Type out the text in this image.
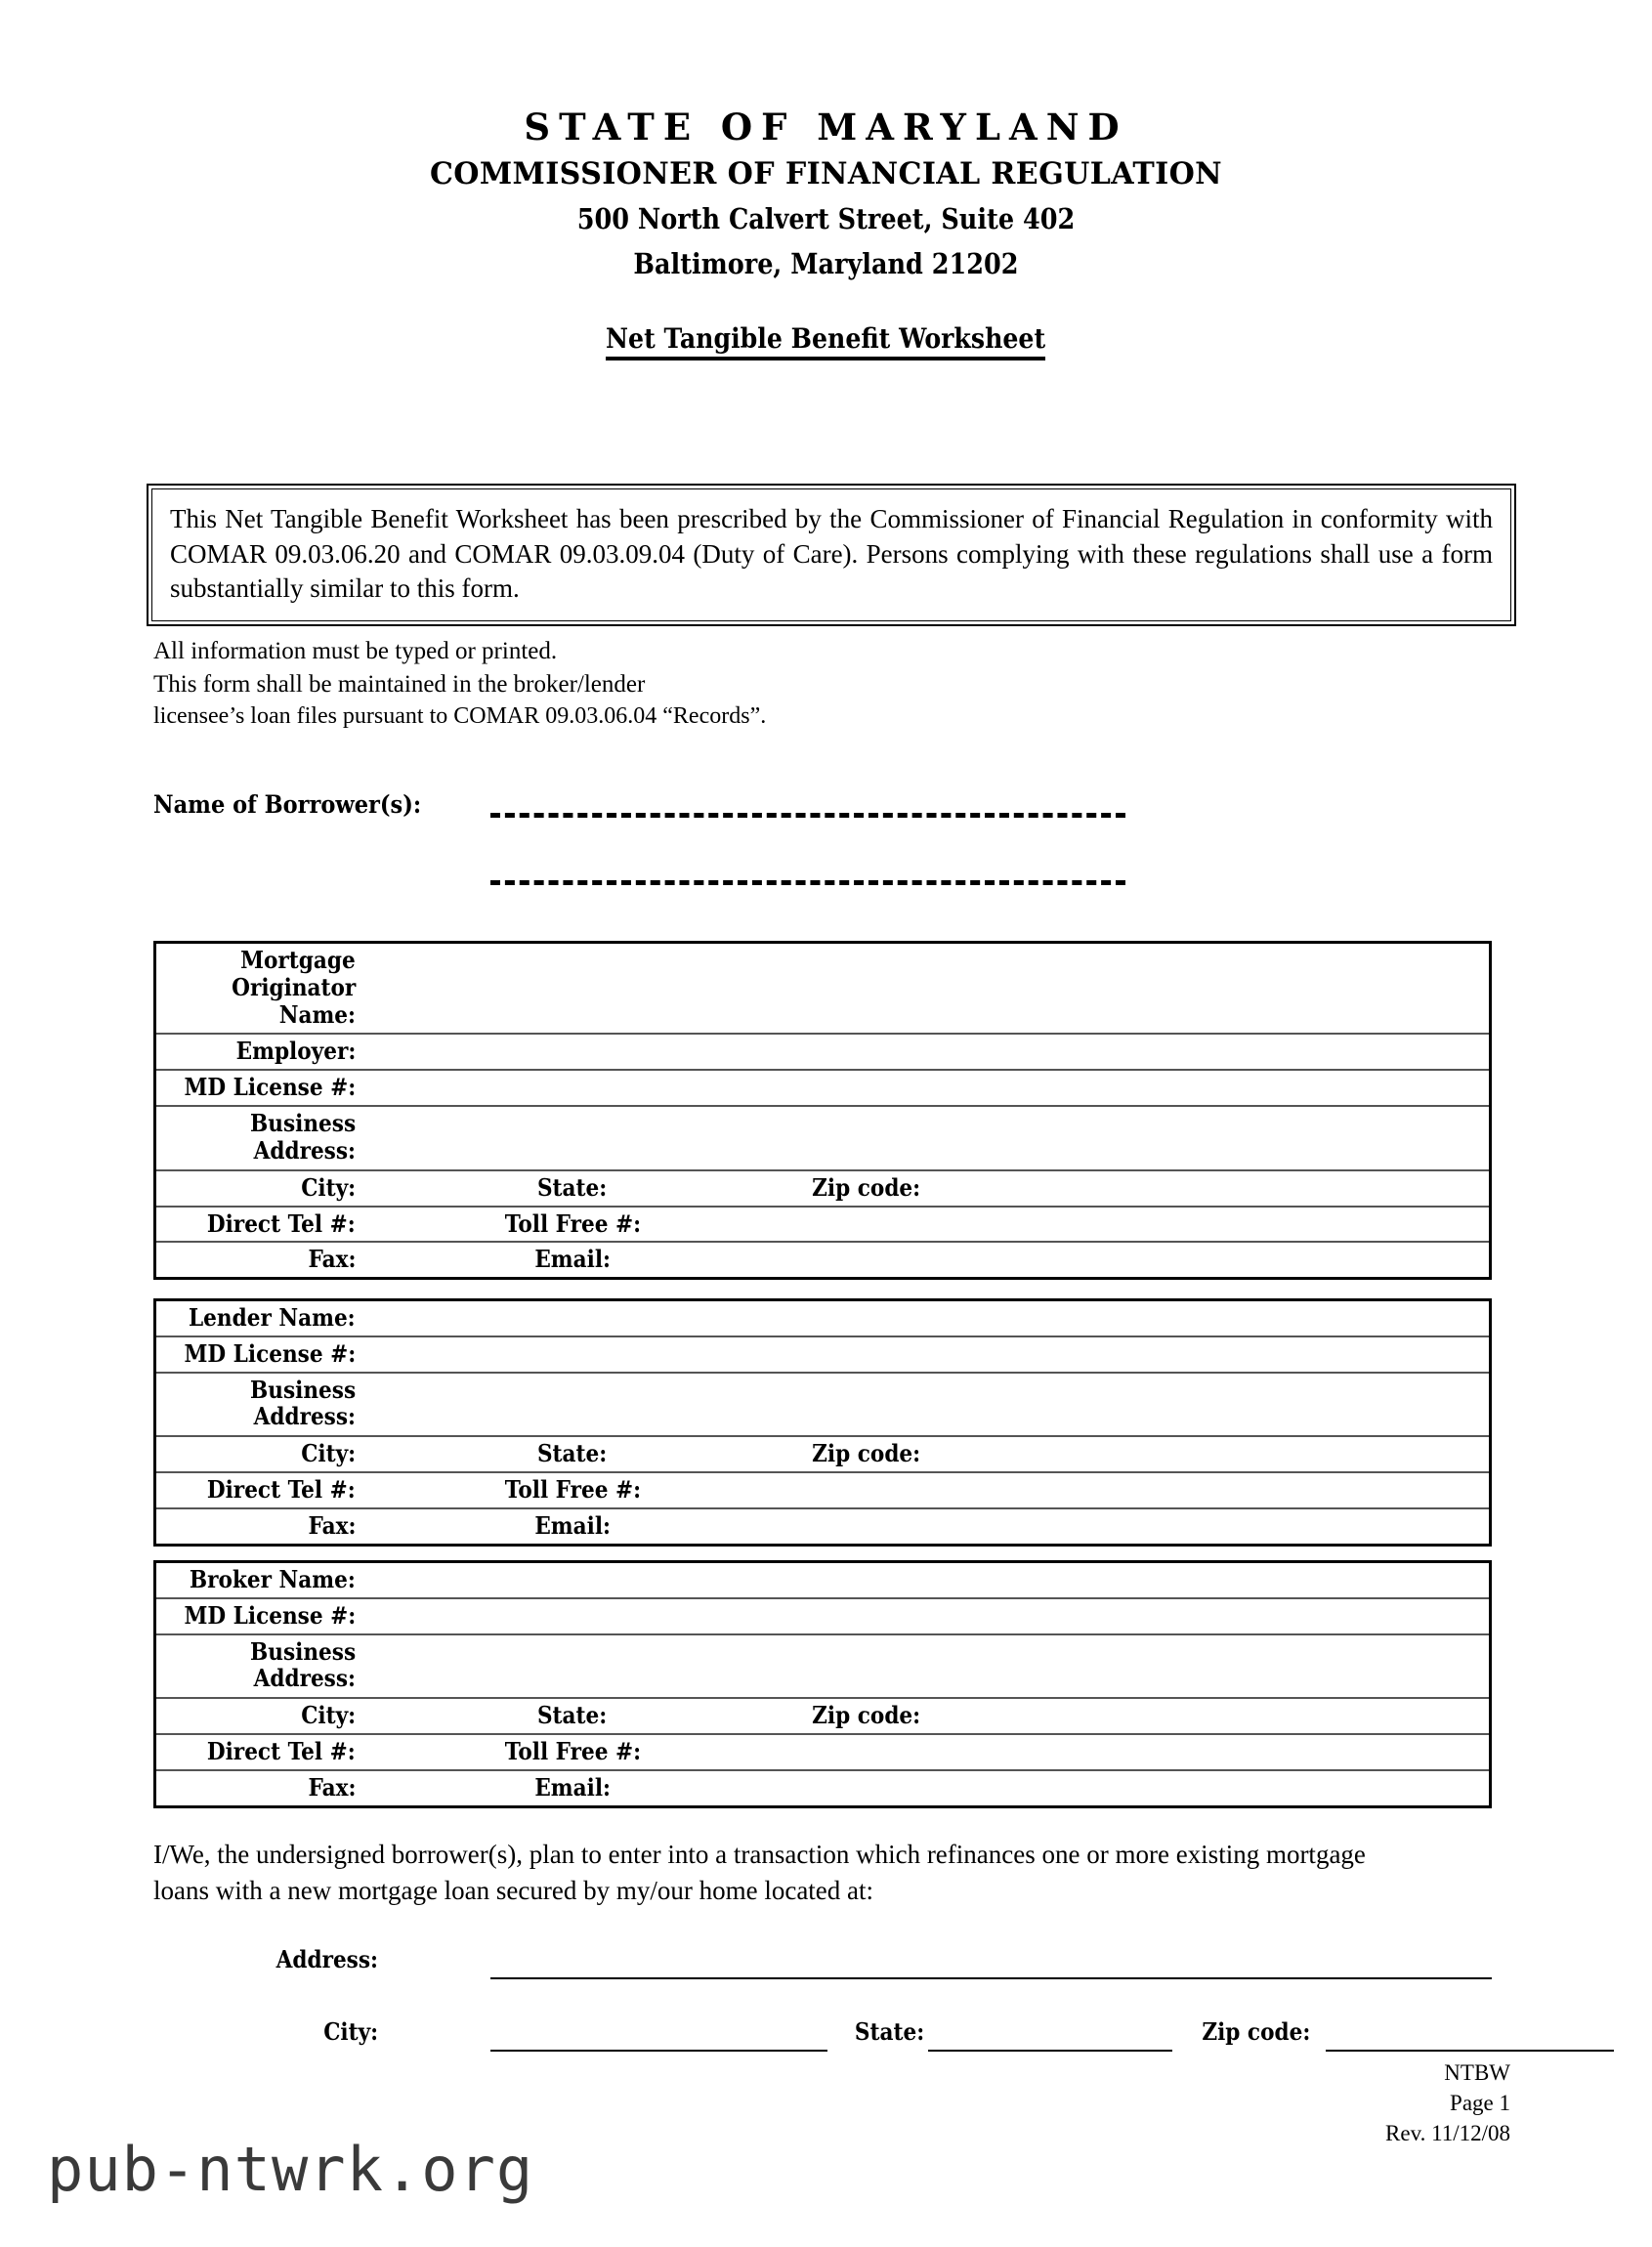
STATE OF MARYLAND
COMMISSIONER OF FINANCIAL REGULATION
500 North Calvert Street, Suite 402
Baltimore, Maryland 21202
Net Tangible Benefit Worksheet
This Net Tangible Benefit Worksheet has been prescribed by the Commissioner of Financial Regulation in conformity with COMAR 09.03.06.20 and COMAR 09.03.09.04 (Duty of Care). Persons complying with these regulations shall use a form substantially similar to this form.
All information must be typed or printed.
This form shall be maintained in the broker/lender
licensee’s loan files pursuant to COMAR 09.03.06.04 “Records”.
Name of Borrower(s):
Mortgage
Originator
Name:
Employer:
MD License #:
Business
Address:
City:	State:	Zip code:
Direct Tel #:	Toll Free #:
Fax:	Email:
Lender Name:
MD License #:
Business
Address:
City:	State:	Zip code:
Direct Tel #:	Toll Free #:
Fax:	Email:
Broker Name:
MD License #:
Business
Address:
City:	State:	Zip code:
Direct Tel #:	Toll Free #:
Fax:	Email:
I/We, the undersigned borrower(s), plan to enter into a transaction which refinances one or more existing mortgage loans with a new mortgage loan secured by my/our home located at:
Address:
City:	State:	Zip code:
NTBW
Page 1
Rev. 11/12/08
pub-ntwrk.org
